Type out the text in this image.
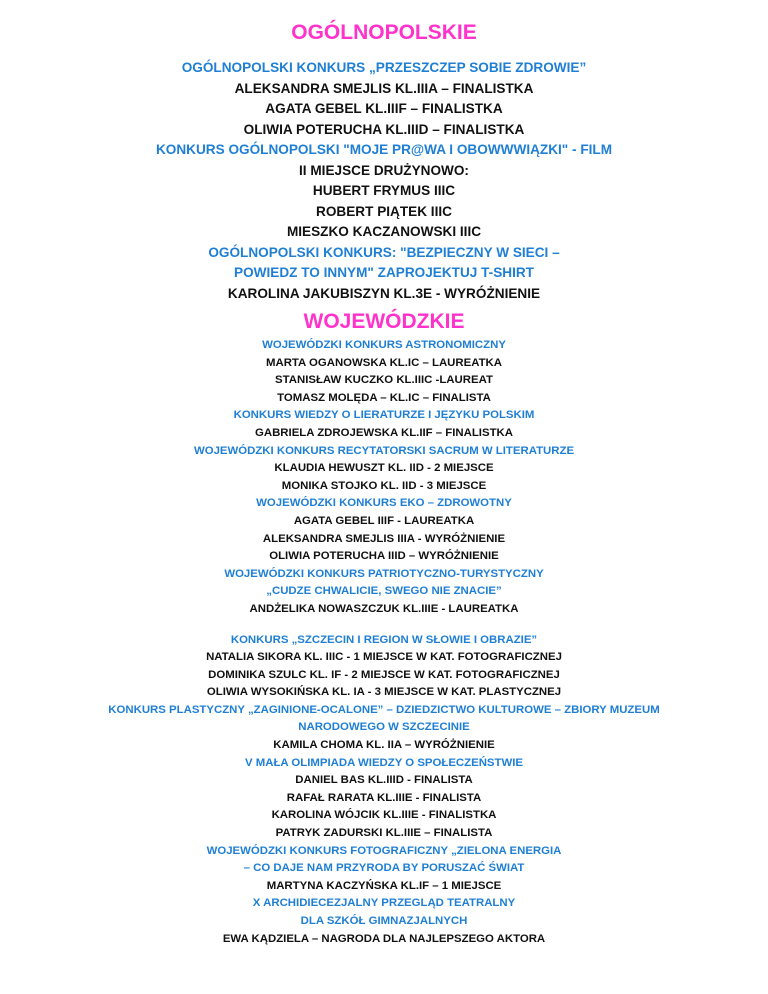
OGÓLNOPOLSKIE
OGÓLNOPOLSKI KONKURS „PRZESZCZEP SOBIE ZDROWIE”
ALEKSANDRA SMEJLIS KL.IIIA – FINALISTKA
AGATA GEBEL KL.IIIF – FINALISTKA
OLIWIA POTERUCHA KL.IIID – FINALISTKA
KONKURS OGÓLNOPOLSKI "MOJE PR@WA I OBOWWWIĄZKI" - FILM
II MIEJSCE DRUŻYNOWO:
HUBERT FRYMUS IIIC
ROBERT PIĄTEK IIIC
MIESZKO KACZANOWSKI IIIC
OGÓLNOPOLSKI KONKURS: "BEZPIECZNY W SIECI –
POWIEDZ TO INNYM" ZAPROJEKTUJ T-SHIRT
KAROLINA JAKUBISZYN KL.3E - WYRÓŻNIENIE
WOJEWÓDZKIE
WOJEWÓDZKI KONKURS ASTRONOMICZNY
MARTA OGANOWSKA KL.IC – LAUREATKA
STANISŁAW KUCZKO KL.IIIC -LAUREAT
TOMASZ MOLĘDA – KL.IC – FINALISTA
KONKURS WIEDZY O LIERATURZE I JĘZYKU POLSKIM
GABRIELA ZDROJEWSKA KL.IIF – FINALISTKA
WOJEWÓDZKI KONKURS RECYTATORSKI SACRUM W LITERATURZE
KLAUDIA HEWUSZT KL. IID - 2 MIEJSCE
MONIKA STOJKO KL. IID - 3 MIEJSCE
WOJEWÓDZKI KONKURS EKO – ZDROWOTNY
AGATA GEBEL IIIF - LAUREATKA
ALEKSANDRA SMEJLIS IIIA - WYRÓŻNIENIE
OLIWIA POTERUCHA IIID – WYRÓŻNIENIE
WOJEWÓDZKI KONKURS PATRIOTYCZNO-TURYSTYCZNY
„CUDZE CHWALICIE, SWEGO NIE ZNACIE”
ANDŻELIKA NOWASZCZUK KL.IIIE - LAUREATKA
KONKURS „SZCZECIN I REGION W SŁOWIE I OBRAZIE”
NATALIA SIKORA KL. IIIC - 1 MIEJSCE W KAT. FOTOGRAFICZNEJ
DOMINIKA SZULC KL. IF - 2 MIEJSCE W KAT. FOTOGRAFICZNEJ
OLIWIA WYSOKIŃSKA KL. IA - 3 MIEJSCE W KAT. PLASTYCZNEJ
KONKURS PLASTYCZNY „ZAGINIONE-OCALONE” – DZIEDZICTWO KULTUROWE – ZBIORY MUZEUM
NARODOWEGO W SZCZECINIE
KAMILA CHOMA KL. IIA – WYRÓŻNIENIE
V MAŁA OLIMPIADA WIEDZY O SPOŁECZEŃSTWIE
DANIEL BAS KL.IIID - FINALISTA
RAFAŁ RARATA KL.IIIE - FINALISTA
KAROLINA WÓJCIK KL.IIIE - FINALISTKA
PATRYK ZADURSKI KL.IIIE – FINALISTA
WOJEWÓDZKI KONKURS FOTOGRAFICZNY „ZIELONA ENERGIA
– CO DAJE NAM PRZYRODA BY PORUSZAĆ ŚWIAT
MARTYNA KACZYŃSKA KL.IF – 1 MIEJSCE
X ARCHIDIECEZJALNY PRZEGLĄD TEATRALNY
DLA SZKÓŁ GIMNAZJALNYCH
EWA KĄDZIELA – NAGRODA DLA NAJLEPSZEGO AKTORA
